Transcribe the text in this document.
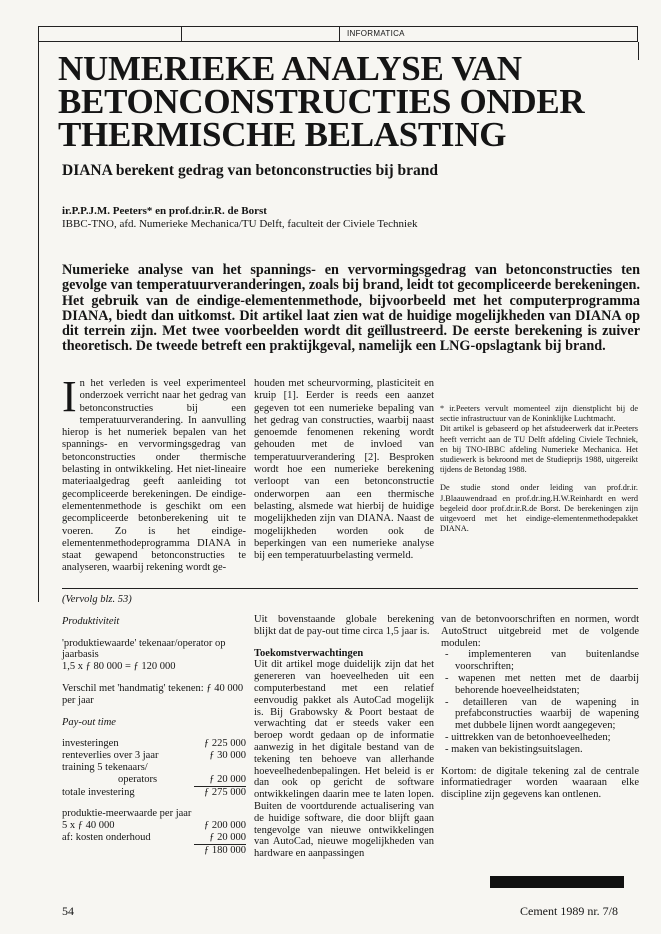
INFORMATICA
NUMERIEKE ANALYSE VAN
BETONCONSTRUCTIES ONDER
THERMISCHE BELASTING
DIANA berekent gedrag van betonconstructies bij brand
ir.P.P.J.M. Peeters* en prof.dr.ir.R. de Borst
IBBC-TNO, afd. Numerieke Mechanica/TU Delft, faculteit der Civiele Techniek

Numerieke analyse van het spannings- en vervormingsgedrag van betonconstructies ten gevolge van temperatuurveranderingen, zoals bij brand, leidt tot gecompliceerde berekeningen. Het gebruik van de eindige-elementenmethode, bijvoorbeeld met het computerprogramma DIANA, biedt dan uitkomst. Dit artikel laat zien wat de huidige mogelijkheden van DIANA op dit terrein zijn. Met twee voorbeelden wordt dit geïllustreerd. De eerste berekening is zuiver theoretisch. De tweede betreft een praktijkgeval, namelijk een LNG-opslagtank bij brand.

In het verleden is veel experimenteel onderzoek verricht naar het gedrag van betonconstructies bij een temperatuurverandering. In aanvulling hierop is het numeriek bepalen van het spannings- en vervormingsgedrag van betonconstructies onder thermische belasting in ontwikkeling. Het niet-lineaire materiaalgedrag geeft aanleiding tot gecompliceerde berekeningen. De eindige-elementenmethode is geschikt om een gecompliceerde betonberekening uit te voeren. Zo is het eindige-elementenmethodeprogramma DIANA in staat gewapend betonconstructies te analyseren, waarbij rekening wordt ge-
houden met scheurvorming, plasticiteit en kruip [1]. Eerder is reeds een aanzet gegeven tot een numerieke bepaling van het gedrag van constructies, waarbij naast genoemde fenomenen rekening wordt gehouden met de invloed van temperatuurverandering [2]. Besproken wordt hoe een numerieke berekening verloopt van een betonconstructie onderworpen aan een thermische belasting, alsmede wat hierbij de huidige mogelijkheden zijn van DIANA. Naast de mogelijkheden worden ook de beperkingen van een numerieke analyse bij een temperatuurbelasting vermeld.

* ir.Peeters vervult momenteel zijn dienstplicht bij de sectie infrastructuur van de Koninklijke Luchtmacht.

Dit artikel is gebaseerd op het afstudeerwerk dat ir.Peeters heeft verricht aan de TU Delft afdeling Civiele Techniek, en bij TNO-IBBC afdeling Numerieke Mechanica. Het studiewerk is bekroond met de Studieprijs 1988, uitgereikt tijdens de Betondag 1988.

De studie stond onder leiding van prof.dr.ir. J.Blaauwendraad en prof.dr.ing.H.W.Reinhardt en werd begeleid door prof.dr.ir.R.de Borst. De berekeningen zijn uitgevoerd met het eindige-elementenmethodepakket DIANA.

(Vervolg blz. 53)
Produktiviteit
'produktiewaarde' tekenaar/operator op jaarbasis
1,5 x ƒ 80 000 = ƒ 120 000
Verschil met 'handmatig' tekenen: ƒ 40 000 per jaar
Pay-out time
investeringen	ƒ 225 000
renteverlies over 3 jaar	ƒ 30 000
training 5 tekenaars/
operators	ƒ 20 000
totale investering	ƒ 275 000
produktie-meerwaarde per jaar
5 x ƒ 40 000	ƒ 200 000
af: kosten onderhoud	ƒ 20 000
ƒ 180 000
Uit bovenstaande globale berekening blijkt dat de pay-out time circa 1,5 jaar is.
Toekomstverwachtingen
Uit dit artikel moge duidelijk zijn dat het genereren van hoeveelheden uit een computerbestand met een relatief eenvoudig pakket als AutoCad mogelijk is. Bij Grabowsky & Poort bestaat de verwachting dat er steeds vaker een beroep wordt gedaan op de informatie aanwezig in het digitale bestand van de tekening ten behoeve van allerhande hoeveelhedenbepalingen. Het beleid is er dan ook op gericht de software ontwikkelingen daarin mee te laten lopen. Buiten de voortdurende actualisering van de huidige software, die door blijft gaan tengevolge van nieuwe ontwikkelingen van AutoCad, nieuwe mogelijkheden van hardware en aanpassingen
van de betonvoorschriften en normen, wordt AutoStruct uitgebreid met de volgende modulen:
- implementeren van buitenlandse voorschriften;
- wapenen met netten met de daarbij behorende hoeveelheidstaten;
- detailleren van de wapening in prefabconstructies waarbij de wapening met dubbele lijnen wordt aangegeven;
- uittrekken van de betonhoeveelheden;
- maken van bekistingsuitslagen.
Kortom: de digitale tekening zal de centrale informatiedrager worden waaraan elke discipline zijn gegevens kan ontlenen.
54	Cement 1989 nr. 7/8
